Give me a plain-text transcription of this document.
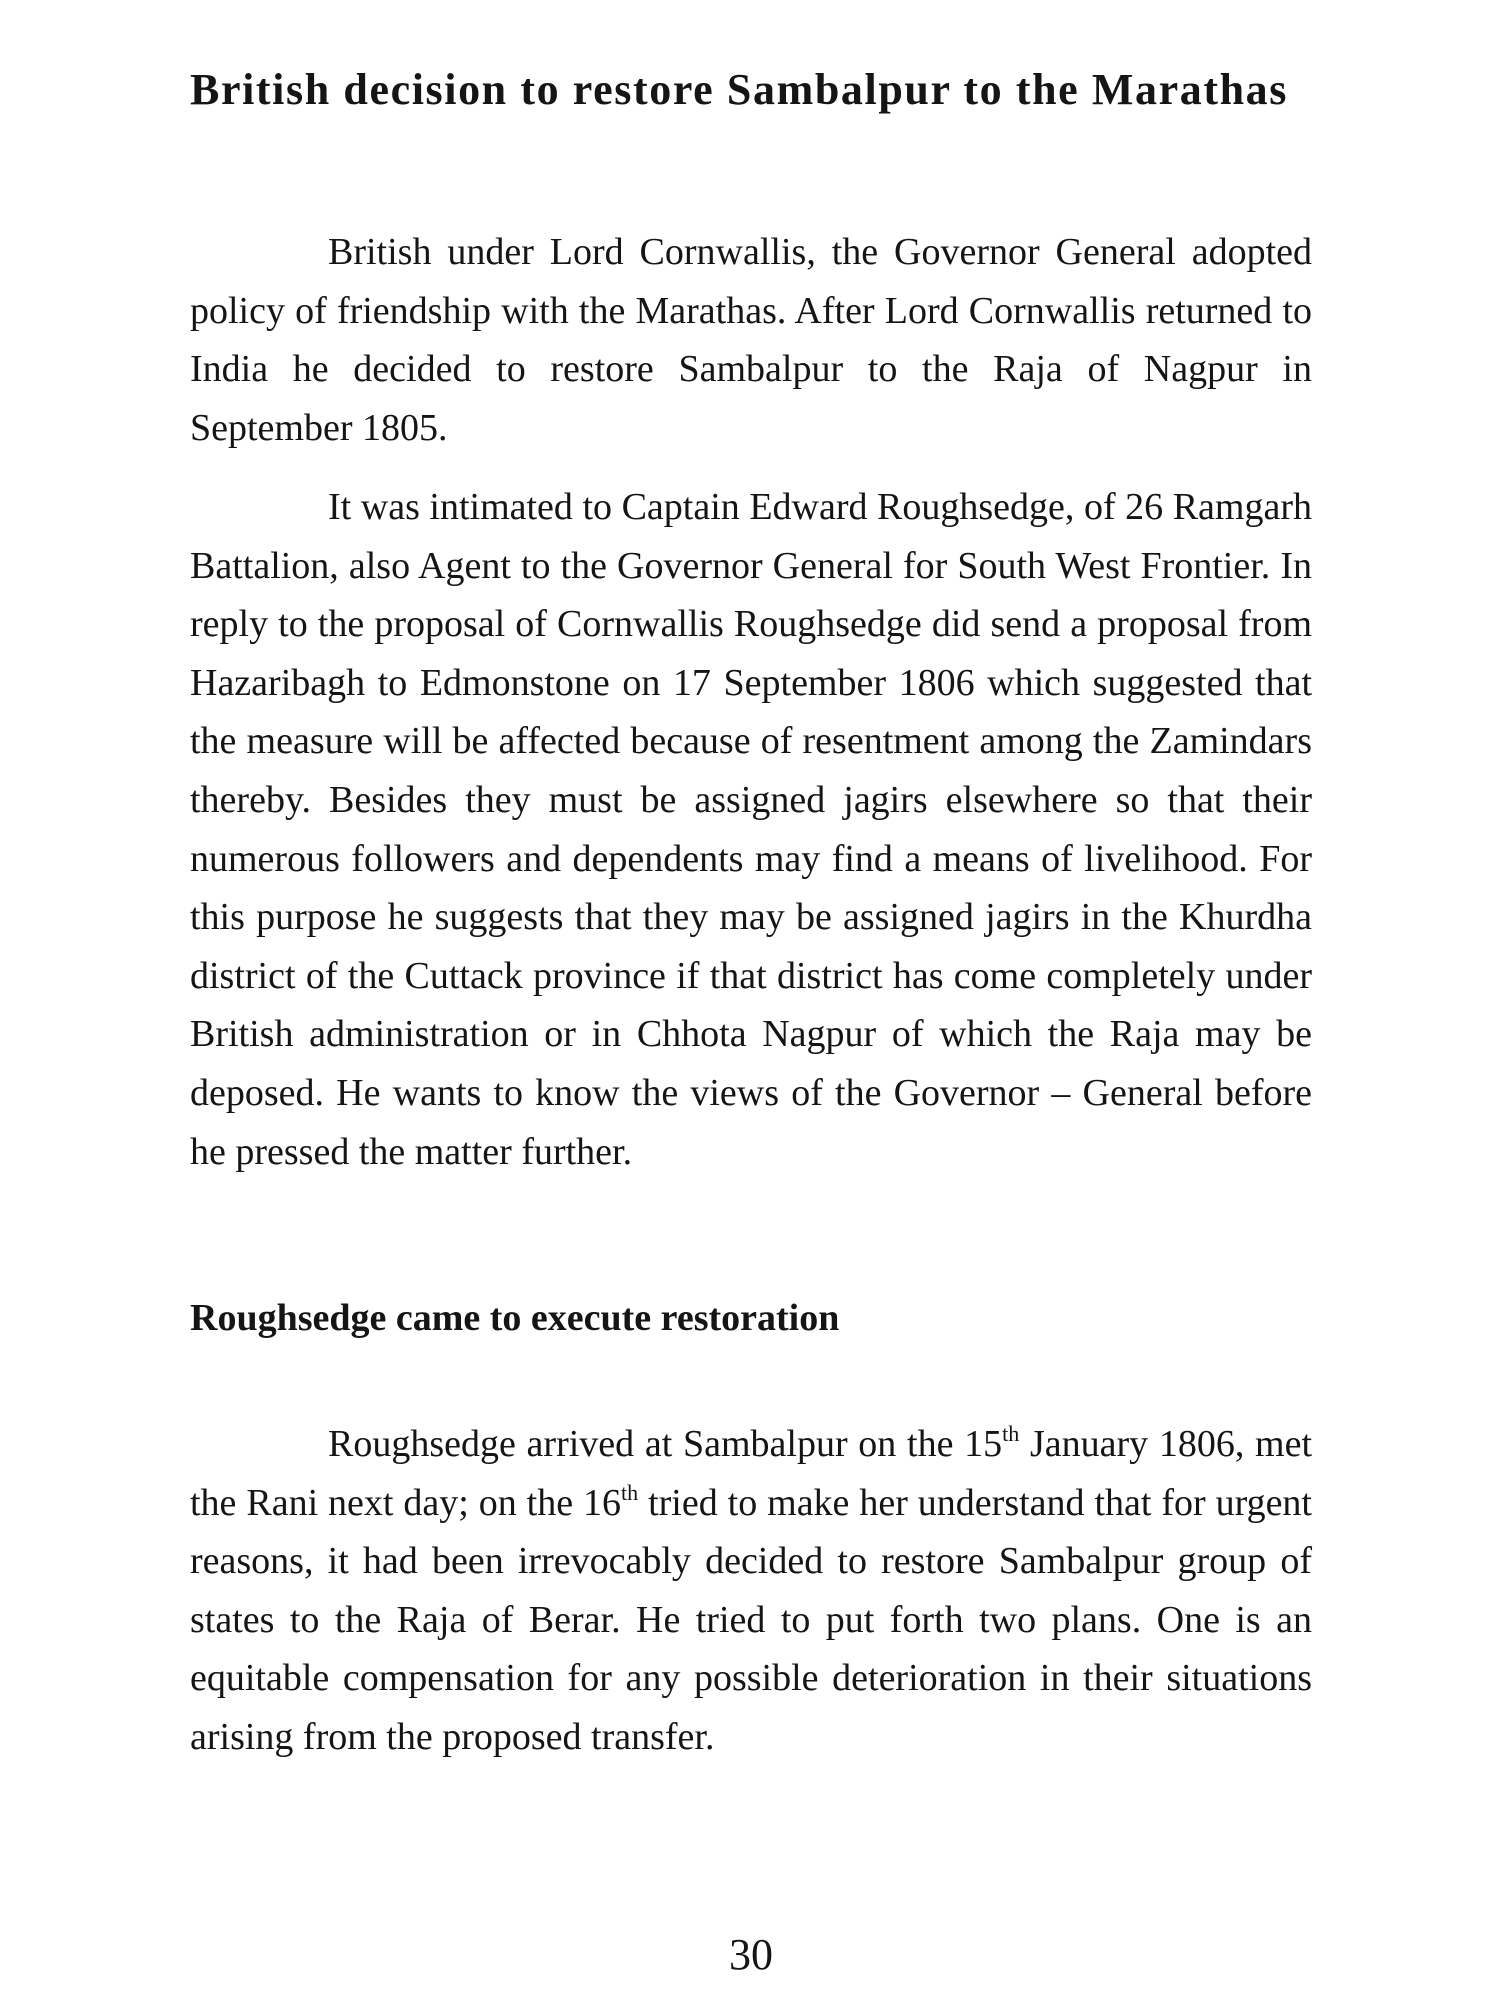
British decision to restore Sambalpur to the Marathas

British under Lord Cornwallis, the Governor General adopted policy of friendship with the Marathas. After Lord Cornwallis returned to India he decided to restore Sambalpur to the Raja of Nagpur in September 1805.

It was intimated to Captain Edward Roughsedge, of 26 Ramgarh Battalion, also Agent to the Governor General for South West Frontier. In reply to the proposal of Cornwallis Roughsedge did send a proposal from Hazaribagh to Edmonstone on 17 September 1806 which suggested that the measure will be affected because of resentment among the Zamindars thereby. Besides they must be assigned jagirs elsewhere so that their numerous followers and dependents may find a means of livelihood. For this purpose he suggests that they may be assigned jagirs in the Khurdha district of the Cuttack province if that district has come completely under British administration or in Chhota Nagpur of which the Raja may be deposed. He wants to know the views of the Governor – General before he pressed the matter further.

Roughsedge came to execute restoration

Roughsedge arrived at Sambalpur on the 15th January 1806, met the Rani next day; on the 16th tried to make her understand that for urgent reasons, it had been irrevocably decided to restore Sambalpur group of states to the Raja of Berar. He tried to put forth two plans. One is an equitable compensation for any possible deterioration in their situations arising from the proposed transfer.

30
